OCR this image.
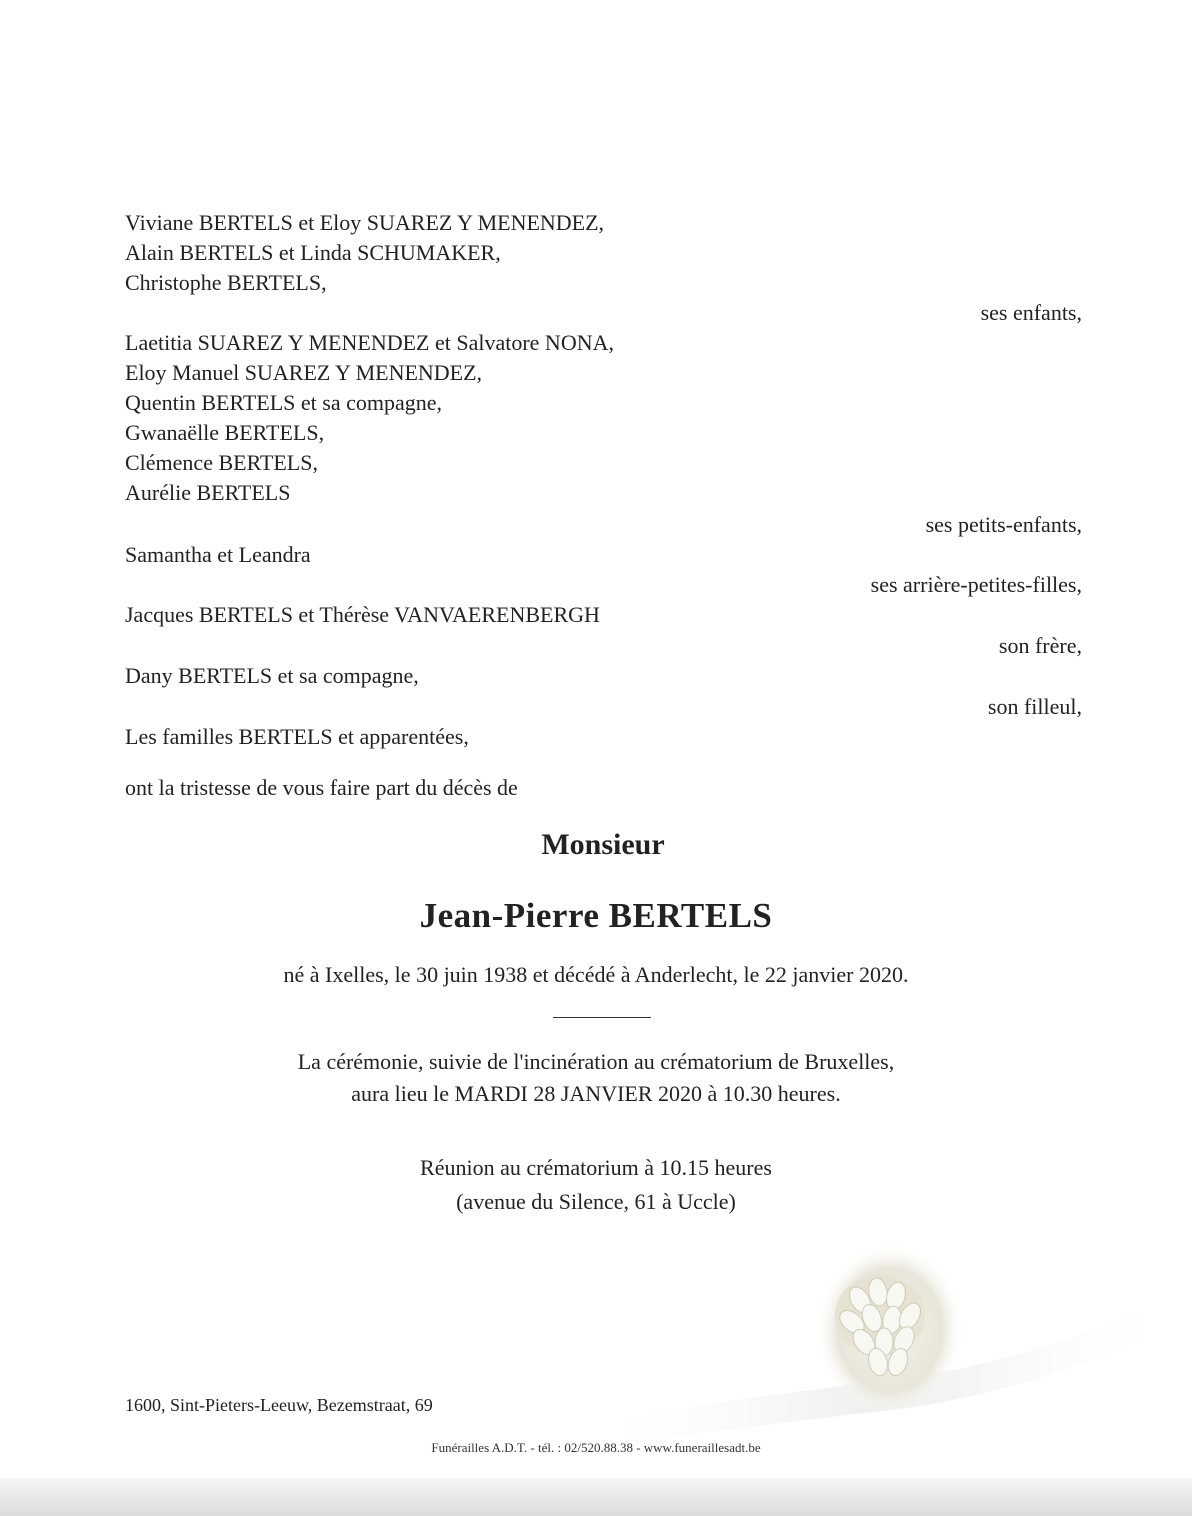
Viviane BERTELS et Eloy SUAREZ Y MENENDEZ,
Alain BERTELS et Linda SCHUMAKER,
Christophe BERTELS,
ses enfants,
Laetitia SUAREZ Y MENENDEZ et Salvatore NONA,
Eloy Manuel SUAREZ Y MENENDEZ,
Quentin BERTELS et sa compagne,
Gwanaëlle BERTELS,
Clémence BERTELS,
Aurélie BERTELS
ses petits-enfants,
Samantha et Leandra
ses arrière-petites-filles,
Jacques BERTELS et Thérèse VANVAERENBERGH
son frère,
Dany BERTELS et sa compagne,
son filleul,
Les familles BERTELS et apparentées,
ont la tristesse de vous faire part du décès de
Monsieur
Jean-Pierre BERTELS
né à Ixelles, le 30 juin 1938 et décédé à Anderlecht, le 22 janvier 2020.
La cérémonie, suivie de l'incinération au crématorium de Bruxelles,
aura lieu le MARDI 28 JANVIER 2020 à 10.30 heures.
Réunion au crématorium à 10.15 heures
(avenue du Silence, 61 à Uccle)
1600, Sint-Pieters-Leeuw, Bezemstraat, 69
Funérailles A.D.T. - tél. : 02/520.88.38 - www.funeraillesadt.be
